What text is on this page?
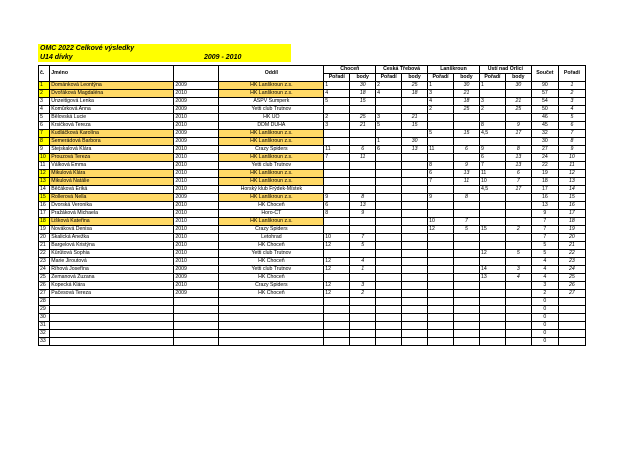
OMC 2022 Celkové výsledky
U14 dívky	2009 - 2010
č.	Jméno		Oddíl	Choceň		Česká Třebová		Lanškroun		Ústí nad Orlicí		Součet	Pořadí
				Pořadí	body	Pořadí	body	Pořadí	body	Pořadí	body		
1	Dománková Leontýna	2009	HK Lanškroun z.s.	1	30	2	25	1	30	1	30	90	1
2	Dvořáková Magdaléna	2010	HK Lanškroun z.s.	4	18	4	18	3	21			57	2
3	Unzeitigová Lenka	2009	ASPV Šumperk	5	15			4	18	3	21	54	3
4	Komůrková Anna	2009	Yetti club Trutnov					2	25	2	25	50	4
5	Bělovská Lucie	2010	HK ÚO	2	25	3	21					46	5
6	Krsičková Tereza	2010	DDM DUHA	3	21	5	15			8	9	45	6
7	Kudláčková Karolína	2009	HK Lanškroun z.s.					5	15	4,5	17	32	7
8	Semerádová Barbora	2009	HK Lanškroun z.s.			1	30					30	8
9	Stejskalová Klára	2010	Crazy Spiders	11	6	6	13	11	6	9	8	27	9
10	Prouzová Tereza	2010	HK Lanškroun z.s.	7	11					6	13	24	10
11	Válková Emma	2010	Yetti club Trutnov					8	9	7	13	22	11
12	Mikulová Klára	2010	HK Lanškroun z.s.					6	13	11	6	19	12
13	Mikulová Natálie	2010	HK Lanškroun z.s.					7	11	10	7	18	13
14	Běčáková Eriká	2010	Horský klub Frýdek-Místek							4,5	17	17	14
15	Rollerová Nella	2009	HK Lanškroun z.s.	9	8			9	8			16	15
16	Dvorská Veronika	2010	HK Choceň	6	13							13	16
17	Pražáková Michaela	2010	Horo-ČT	8	9							9	17
18	Lišková Kateřina	2010	HK Lanškroun z.s.					10	7			7	18
19	Nováková Denisa	2010	Crazy Spiders					12	5	15	2	7	19
20	Skalická Anežka	2010	Letohrad	10	7							7	20
21	Bargelová Kristýna	2010	HK Choceň	12	5							5	21
22	Kůrůtová Sophia	2010	Yetti club Trutnov							12	5	5	22
23	Marie Jiroutová	2010	HK Choceň	12	4							4	23
24	Říhová Josefína	2009	Yetti club Trutnov	12	1					14	3	4	24
25	Zemanová Zuzana	2009	HK Choceň							13	4	4	25
26	Kopecká Klára	2010	Crazy Spiders	12	3							3	26
27	Pačesová Tereza	2009	HK Choceň	12	2							2	27
28												0	
29												0	
30												0	
31												0	
32												0	
33												0	
